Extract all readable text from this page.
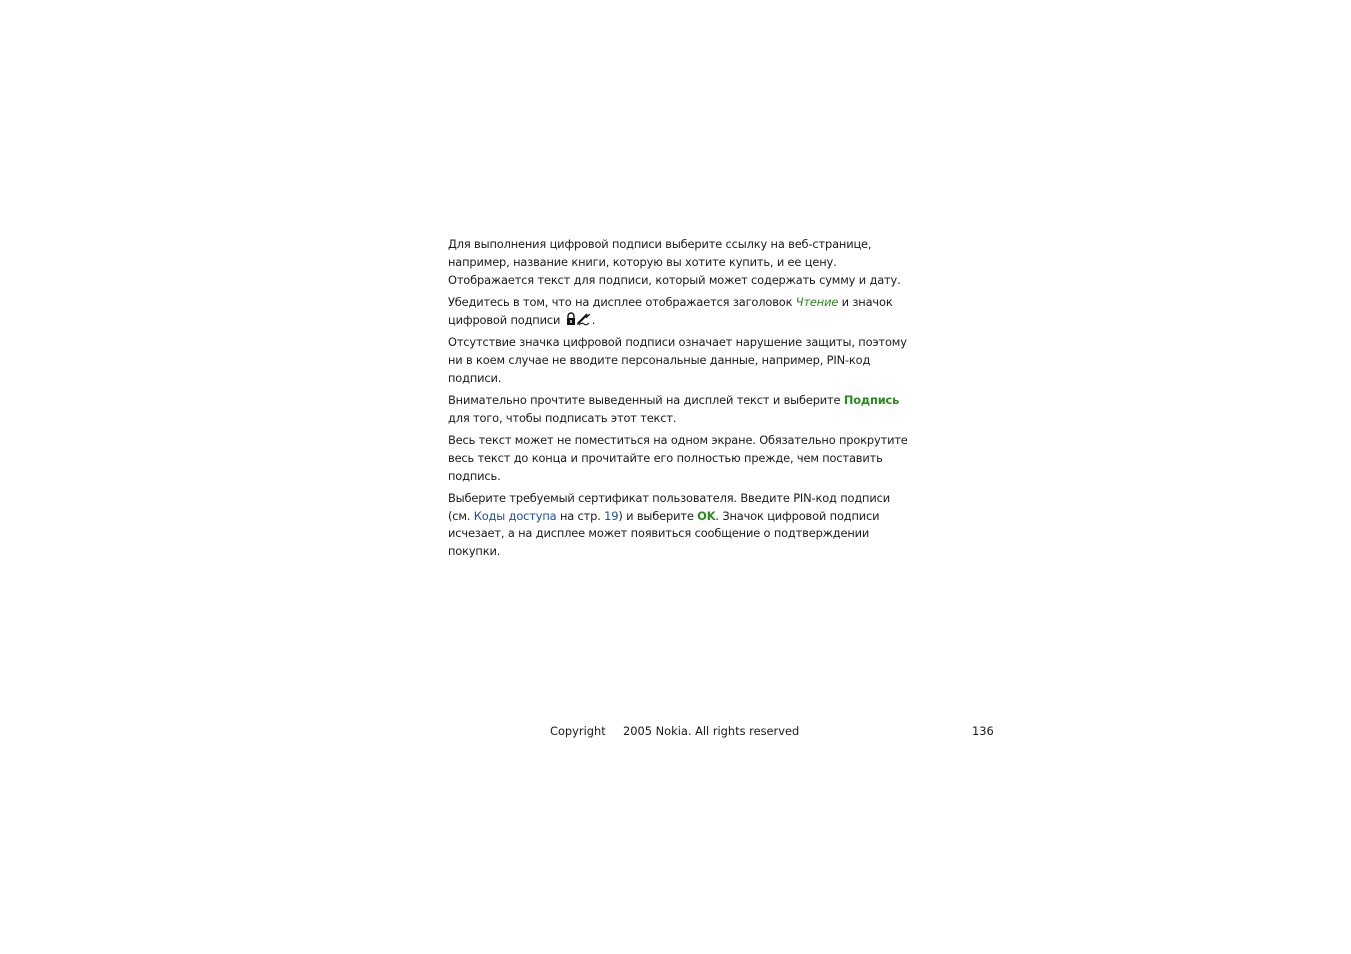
Для выполнения цифровой подписи выберите ссылку на веб-странице, например, название книги, которую вы хотите купить, и ее цену. Отображается текст для подписи, который может содержать сумму и дату.

Убедитесь в том, что на дисплее отображается заголовок Чтение и значок цифровой подписи .

Отсутствие значка цифровой подписи означает нарушение защиты, поэтому ни в коем случае не вводите персональные данные, например, PIN-код подписи.

Внимательно прочтите выведенный на дисплей текст и выберите Подпись для того, чтобы подписать этот текст.

Весь текст может не поместиться на одном экране. Обязательно прокрутите весь текст до конца и прочитайте его полностью прежде, чем поставить подпись.

Выберите требуемый сертификат пользователя. Введите PIN-код подписи (см. Коды доступа на стр. 19) и выберите OK. Значок цифровой подписи исчезает, а на дисплее может появиться сообщение о подтверждении покупки.

Copyright 2005 Nokia. All rights reserved	136
